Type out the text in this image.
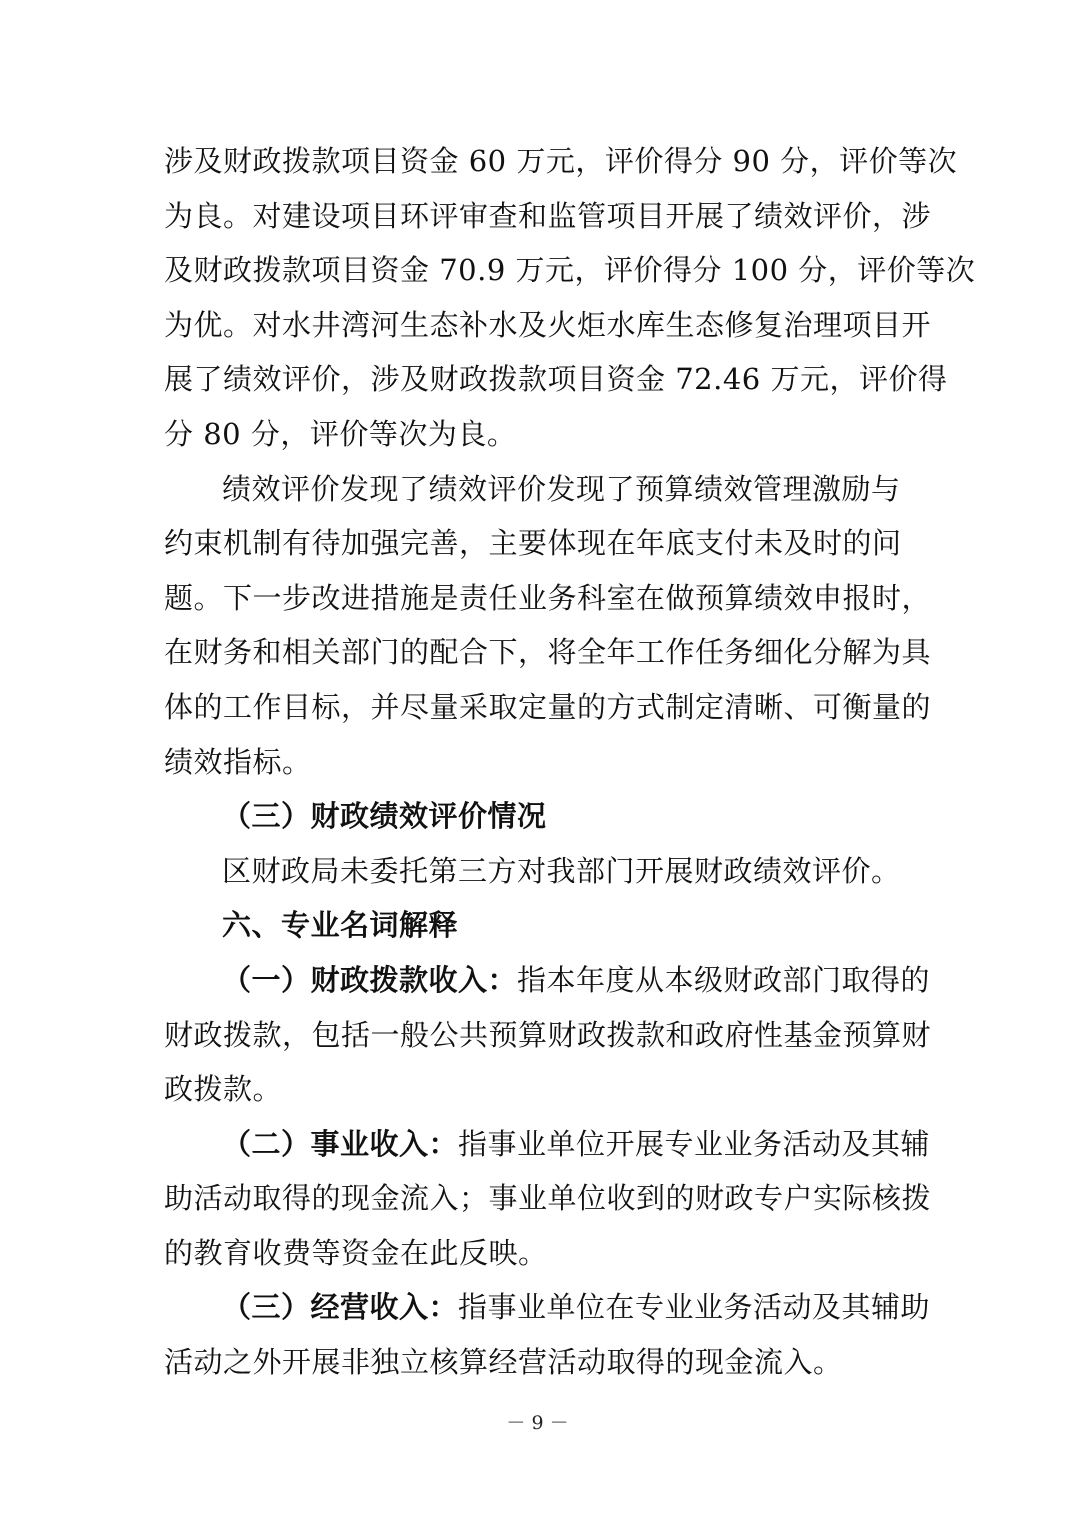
涉及财政拨款项目资金 60 万元，评价得分 90 分，评价等次
为良。对建设项目环评审查和监管项目开展了绩效评价，涉
及财政拨款项目资金 70.9 万元，评价得分 100 分，评价等次
为优。对水井湾河生态补水及火炬水库生态修复治理项目开
展了绩效评价，涉及财政拨款项目资金 72.46 万元，评价得
分 80 分，评价等次为良。

绩效评价发现了绩效评价发现了预算绩效管理激励与
约束机制有待加强完善，主要体现在年底支付未及时的问
题。下一步改进措施是责任业务科室在做预算绩效申报时，
在财务和相关部门的配合下，将全年工作任务细化分解为具
体的工作目标，并尽量采取定量的方式制定清晰、可衡量的
绩效指标。

（三）财政绩效评价情况

区财政局未委托第三方对我部门开展财政绩效评价。

六、专业名词解释

（一）财政拨款收入：指本年度从本级财政部门取得的
财政拨款，包括一般公共预算财政拨款和政府性基金预算财
政拨款。

（二）事业收入：指事业单位开展专业业务活动及其辅
助活动取得的现金流入；事业单位收到的财政专户实际核拨
的教育收费等资金在此反映。

（三）经营收入：指事业单位在专业业务活动及其辅助
活动之外开展非独立核算经营活动取得的现金流入。

－ 9 －
